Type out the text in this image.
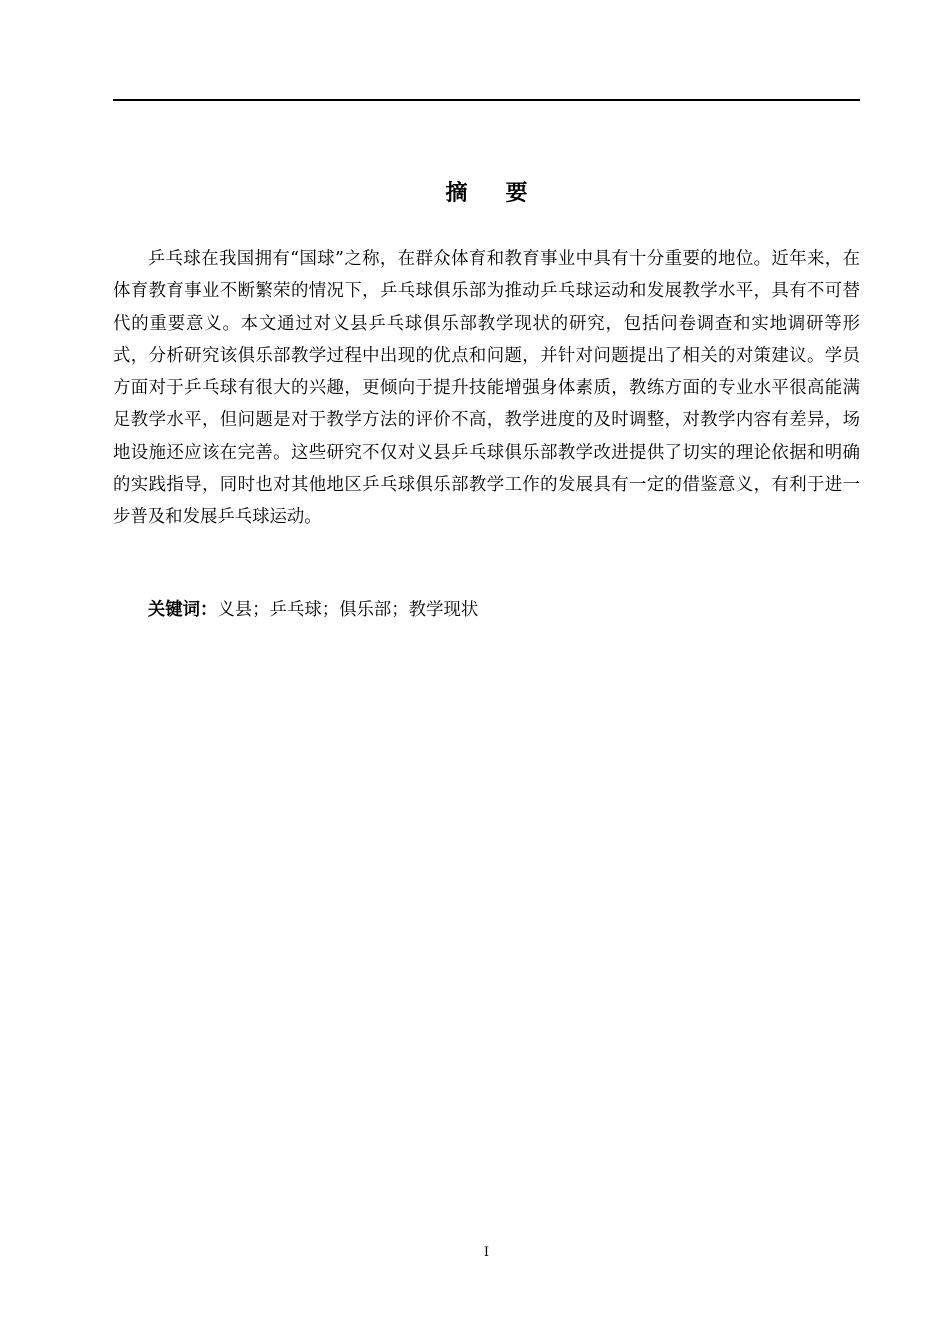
摘要

乒乓球在我国拥有“国球”之称，在群众体育和教育事业中具有十分重要的地位。近年来，在体育教育事业不断繁荣的情况下，乒乓球俱乐部为推动乒乓球运动和发展教学水平，具有不可替代的重要意义。本文通过对义县乒乓球俱乐部教学现状的研究，包括问卷调查和实地调研等形式，分析研究该俱乐部教学过程中出现的优点和问题，并针对问题提出了相关的对策建议。学员方面对于乒乓球有很大的兴趣，更倾向于提升技能增强身体素质，教练方面的专业水平很高能满足教学水平，但问题是对于教学方法的评价不高，教学进度的及时调整，对教学内容有差异，场地设施还应该在完善。这些研究不仅对义县乒乓球俱乐部教学改进提供了切实的理论依据和明确的实践指导，同时也对其他地区乒乓球俱乐部教学工作的发展具有一定的借鉴意义，有利于进一步普及和发展乒乓球运动。

关键词：义县；乒乓球；俱乐部；教学现状

I
